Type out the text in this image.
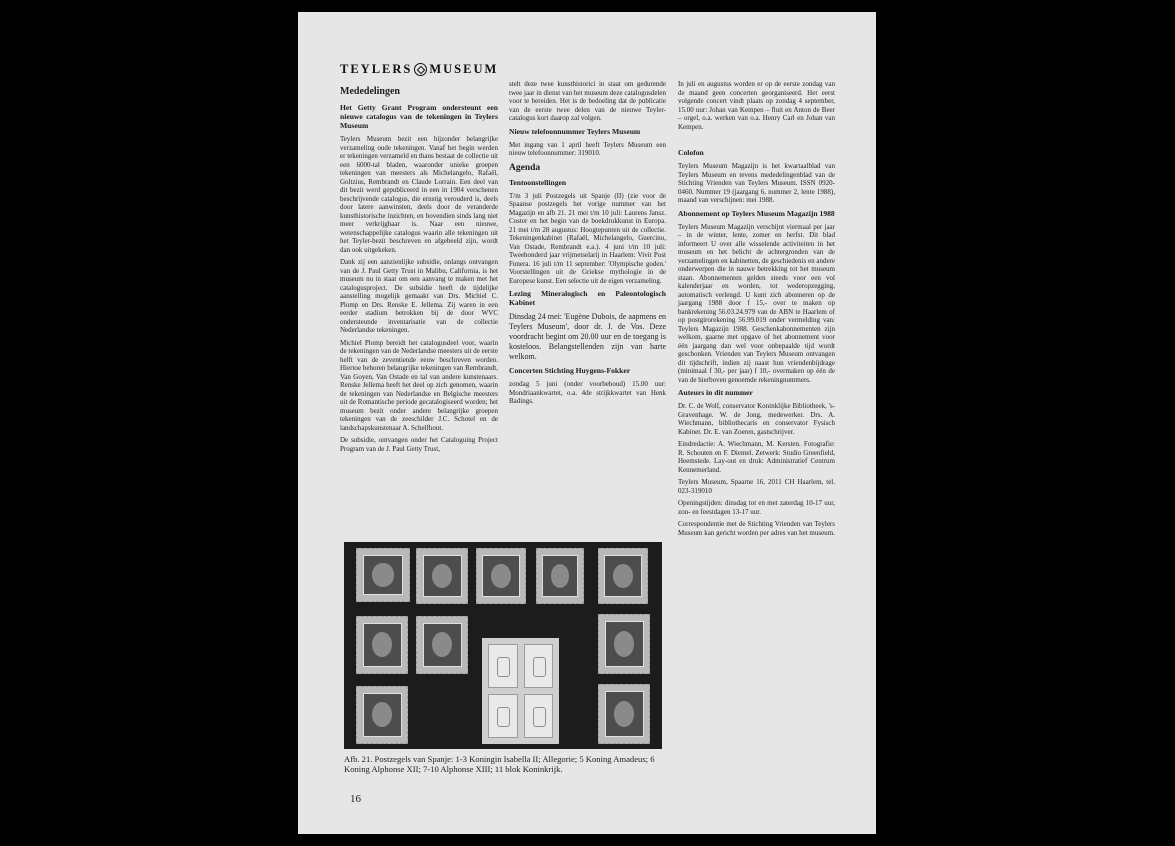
TEYLERS MUSEUM
Mededelingen
Het Getty Grant Program ondersteunt een nieuwe catalogus van de tekeningen in Teylers Museum

Teylers Museum bezit een bijzonder belangrijke verzameling oude tekeningen. Vanaf het begin werden er tekeningen verzameld en thans bestaat de collectie uit een 6000-tal bladen, waaronder unieke groepen tekeningen van meesters als Michelangelo, Rafaël, Goltzius, Rembrandt en Claude Lorrain. Een deel van dit bezit werd gepubliceerd in een in 1904 verschenen beschrijvende catalogus, die ernstig verouderd is, deels door latere aanwinsten, deels door de veranderde kunsthistorische inzichten, en bovendien sinds lang niet meer verkrijgbaar is. Naar een nieuwe, wetenschappelijke catalogus waarin alle tekeningen uit het Teyler-bezit beschreven en afgebeeld zijn, wordt dan ook uitgekeken.

Dank zij een aanzienlijke subsidie, onlangs ontvangen van de J. Paul Getty Trust in Malibu, California, is het museum nu in staat om een aanvang te maken met het catalogusproject. De subsidie heeft de tijdelijke aanstelling mogelijk gemaakt van Drs. Michiel C. Plomp en Drs. Renske E. Jellema. Zij waren in een eerder stadium betrokken bij de door WVC ondersteunde inventarisatie van de collectie Nederlandse tekeningen.

Michiel Plomp bereidt het catalogusdeel voor, waarin de tekeningen van de Nederlandse meesters uit de eerste helft van de zeventiende eeuw beschreven worden. Hiertoe behoren belangrijke tekeningen van Rembrandt, Van Goyen, Van Ostade en tal van andere kunstenaars. Renske Jellema heeft het deel op zich genomen, waarin de tekeningen van Nederlandse en Belgische meesters uit de Romantische periode gecatalogiseerd worden; het museum bezit onder andere belangrijke groepen tekeningen van de zeeschilder J.C. Schotel en de landschapskunstenaar A. Schelfhout.

De subsidie, ontvangen onder het Cataloguing Project Program van de J. Paul Getty Trust,

stelt deze twee kunsthistorici in staat om gedurende twee jaar in dienst van het museum deze catalogusdelen voor te bereiden. Het is de bedoeling dat de publicatie van de eerste twee delen van de nieuwe Teyler-catalogus kort daarop zal volgen.

Nieuw telefoonnummer Teylers Museum

Met ingang van 1 april heeft Teylers Museum een nieuw telefoonnummer: 319010.

Agenda
Tentoonstellingen

T/m 3 juli Postzegels uit Spanje (II) (zie voor de Spaanse postzegels het vorige nummer van het Magazijn en afb 21. 21 mei t/m 10 juli: Laurens Jansz. Coster en het begin van de boekdrukkunst in Europa. 21 mei t/m 28 augustus: Hoogtepunten uit de collectie. Tekeningenkabinet (Rafaël, Michelangelo, Guercino, Van Ostade, Rembrandt e.a.). 4 juni t/m 10 juli: Tweehonderd jaar vrijmetselarij in Haarlem: Vivit Post Funera. 16 juli t/m 11 september: 'Olympische goden.' Voorstellingen uit de Griekse mythologie in de Europese kunst. Een selectie uit de eigen verzameling.

Lezing Mineralogisch en Paleontologisch Kabinet

Dinsdag 24 mei: 'Eugène Dubois, de aapmens en Teylers Museum', door dr. J. de Vos. Deze voordracht begint om 20.00 uur en de toegang is kosteloos. Belangstellenden zijn van harte welkom.

Concerten Stichting Huygens-Fokker

zondag 5 juni (onder voorbehoud) 15.00 uur: Mondriaankwartet, o.a. 4de strijkkwartet van Henk Badings.

In juli en augustus worden er op de eerste zondag van de maand geen concerten georganiseerd. Het eerst volgende concert vindt plaats op zondag 4 september, 15.00 uur: Johan van Kempen – fluit en Anton de Beer – orgel, o.a. werken van o.a. Henry Carl en Johan van Kempen.

Colofon

Teylers Museum Magazijn is het kwartaalblad van Teylers Museum en tevens mededelingenblad van de Stichting Vrienden van Teylers Museum. ISSN 0920-0460. Nummer 19 (jaargang 6, nummer 2, lente 1988), maand van verschijnen: mei 1988.

Abonnement op Teylers Museum Magazijn 1988

Teylers Museum Magazijn verschijnt viermaal per jaar – in de winter, lente, zomer en herfst. Dit blad informeert U over alle wisselende activiteiten in het museum en het belicht de achtergronden van de verzamelingen en kabinetten, de geschiedenis en andere onderwerpen die in nauwe betrekking tot het museum staan. Abonnementen gelden steeds voor een vol kalenderjaar en worden, tot wederopzegging, automatisch verlengd. U kunt zich abonneren op de jaargang 1988 door f 15,- over te maken op bankrekening 56.03.24.979 van de ABN te Haarlem of op postgirorekening 56.99.019 onder vermelding van: Teylers Magazijn 1988. Geschenkabonnementen zijn welkom, gaarne met opgave of het abonnement voor één jaargang dan wel voor onbepaalde tijd wordt geschonken. Vrienden van Teylers Museum ontvangen dit tijdschrift, indien zij naast hun vriendenbijdrage (minimaal f 30,- per jaar) f 10,- overmaken op één de van de hierboven genoemde rekeningnummers.

Auteurs in dit nummer

Dr. C. de Wolf, conservator Koninklijke Bibliotheek, 's-Gravenhage. W. de Jong, medewerker. Drs. A. Wiechmann, bibliothecaris en conservator Fysisch Kabinet. Dr. E. van Zoeren, gastschrijver.

Eindredactie: A. Wiechmann, M. Kersten. Fotografie: R. Schouten en F. Diemel. Zetwerk: Studio Greenfield, Heemstede. Lay-out en druk: Administratief Centrum Kennemerland.

Teylers Museum, Spaarne 16, 2011 CH Haarlem, tel. 023-319010

Openingstijden: dinsdag tot en met zaterdag 10-17 uur, zon- en feestdagen 13-17 uur.

Correspondentie met de Stichting Vrienden van Teylers Museum kan gericht worden per adres van het museum.

Afb. 21. Postzegels van Spanje: 1-3 Koningin Isabella II; Allegorie; 5 Koning Amadeus; 6 Koning Alphonse XII; 7-10 Alphonse XIII; 11 blok Koninkrijk.

16
